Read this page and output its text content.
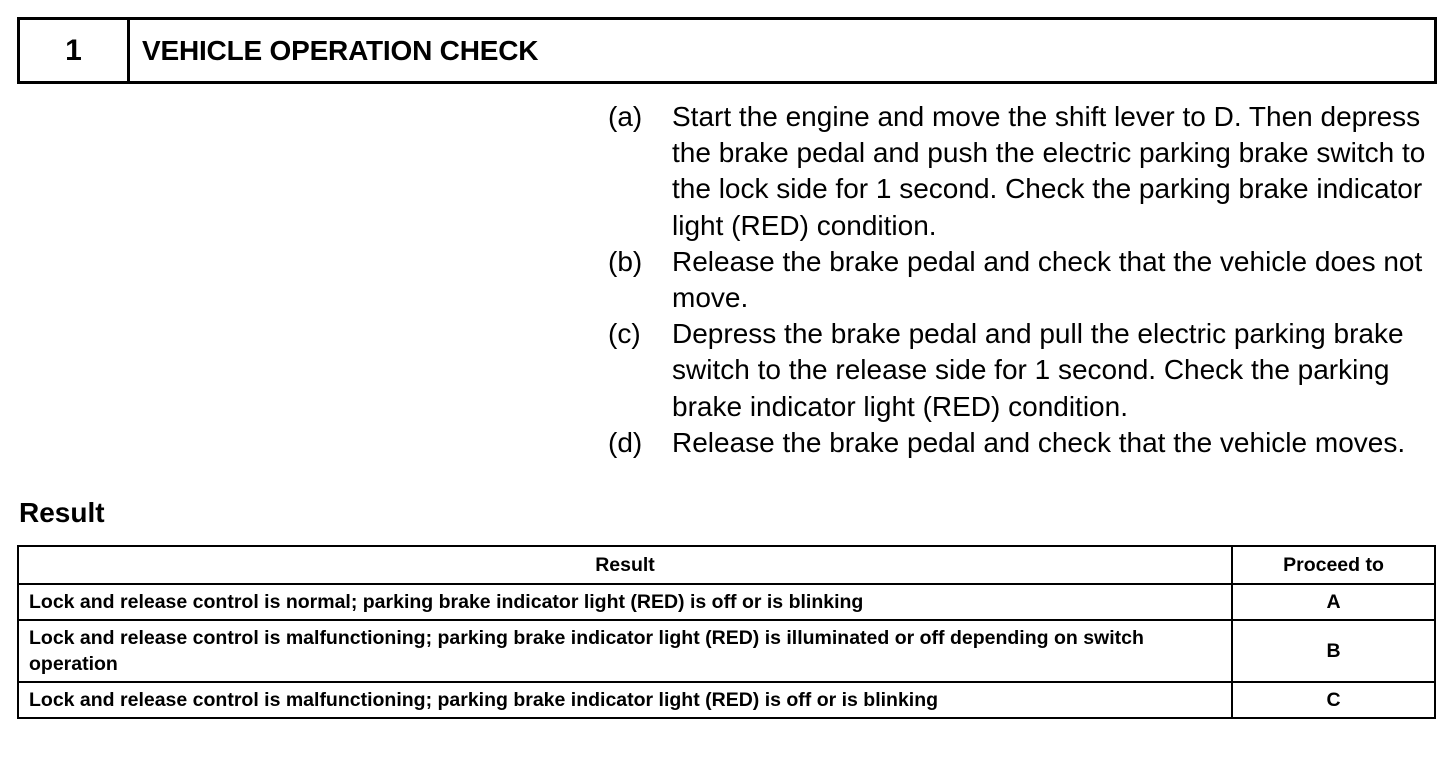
1	VEHICLE OPERATION CHECK
(a)	Start the engine and move the shift lever to D. Then depress the brake pedal and push the electric parking brake switch to the lock side for 1 second. Check the parking brake indicator light (RED) condition.
(b)	Release the brake pedal and check that the vehicle does not move.
(c)	Depress the brake pedal and pull the electric parking brake switch to the release side for 1 second. Check the parking brake indicator light (RED) condition.
(d)	Release the brake pedal and check that the vehicle moves.
Result
Result	Proceed to
Lock and release control is normal; parking brake indicator light (RED) is off or is blinking	A
Lock and release control is malfunctioning; parking brake indicator light (RED) is illuminated or off depending on switch operation	B
Lock and release control is malfunctioning; parking brake indicator light (RED) is off or is blinking	C
